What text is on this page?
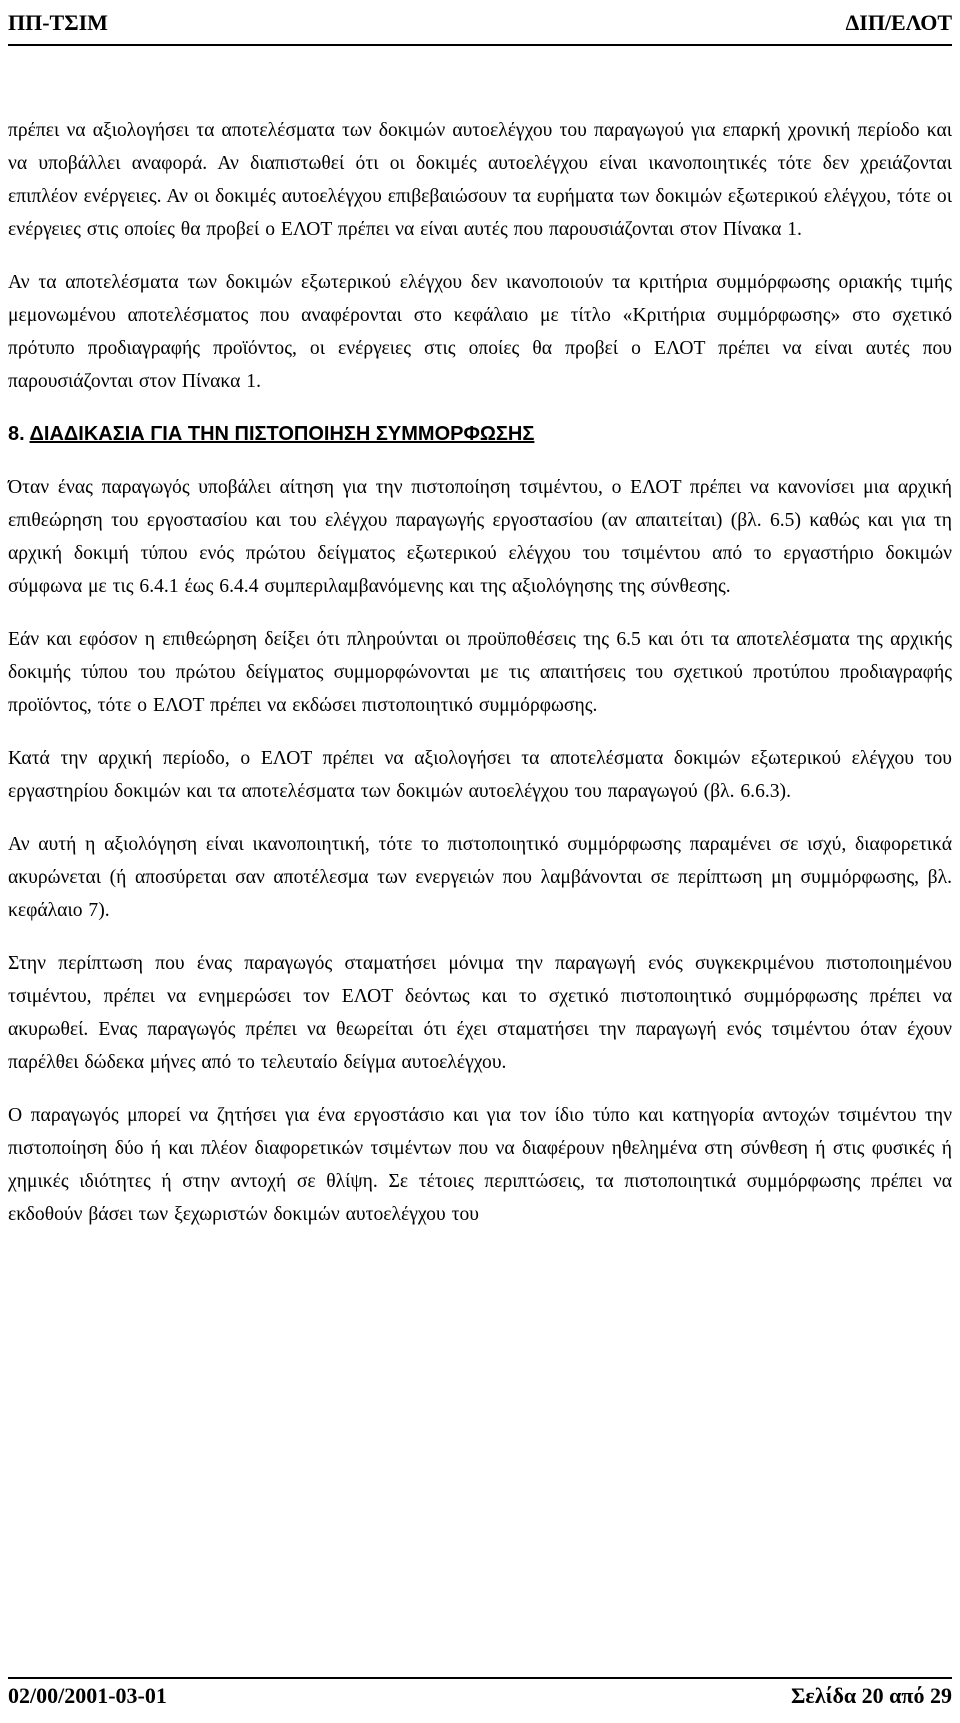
ΠΠ-ΤΣΙΜ	ΔΙΠ/ΕΛΟΤ

πρέπει να αξιολογήσει τα αποτελέσματα των δοκιμών αυτοελέγχου του παραγωγού για επαρκή χρονική περίοδο και να υποβάλλει αναφορά. Αν διαπιστωθεί ότι οι δοκιμές αυτοελέγχου είναι ικανοποιητικές τότε δεν χρειάζονται επιπλέον ενέργειες. Αν οι δοκιμές αυτοελέγχου επιβεβαιώσουν τα ευρήματα των δοκιμών εξωτερικού ελέγχου, τότε οι ενέργειες στις οποίες θα προβεί ο ΕΛΟΤ πρέπει να είναι αυτές που παρουσιάζονται στον Πίνακα 1.

Αν τα αποτελέσματα των δοκιμών εξωτερικού ελέγχου δεν ικανοποιούν τα κριτήρια συμμόρφωσης οριακής τιμής μεμονωμένου αποτελέσματος που αναφέρονται στο κεφάλαιο με τίτλο «Κριτήρια συμμόρφωσης» στο σχετικό πρότυπο προδιαγραφής προϊόντος, οι ενέργειες στις οποίες θα προβεί ο ΕΛΟΤ πρέπει να είναι αυτές που παρουσιάζονται στον Πίνακα 1.

8. ΔΙΑΔΙΚΑΣΙΑ ΓΙΑ ΤΗΝ ΠΙΣΤΟΠΟΙΗΣΗ ΣΥΜΜΟΡΦΩΣΗΣ

Όταν ένας παραγωγός υποβάλει αίτηση για την πιστοποίηση τσιμέντου, ο ΕΛΟΤ πρέπει να κανονίσει μια αρχική επιθεώρηση του εργοστασίου και του ελέγχου παραγωγής εργοστασίου (αν απαιτείται) (βλ. 6.5) καθώς και για τη αρχική δοκιμή τύπου ενός πρώτου δείγματος εξωτερικού ελέγχου του τσιμέντου από το εργαστήριο δοκιμών σύμφωνα με τις 6.4.1 έως 6.4.4 συμπεριλαμβανόμενης και της αξιολόγησης της σύνθεσης.

Εάν και εφόσον η επιθεώρηση δείξει ότι πληρούνται οι προϋποθέσεις της 6.5 και ότι τα αποτελέσματα της αρχικής δοκιμής τύπου του πρώτου δείγματος συμμορφώνονται με τις απαιτήσεις του σχετικού προτύπου προδιαγραφής προϊόντος, τότε ο ΕΛΟΤ πρέπει να εκδώσει πιστοποιητικό συμμόρφωσης.

Κατά την αρχική περίοδο, ο ΕΛΟΤ πρέπει να αξιολογήσει τα αποτελέσματα δοκιμών εξωτερικού ελέγχου του εργαστηρίου δοκιμών και τα αποτελέσματα των δοκιμών αυτοελέγχου του παραγωγού (βλ. 6.6.3).

Αν αυτή η αξιολόγηση είναι ικανοποιητική, τότε το πιστοποιητικό συμμόρφωσης παραμένει σε ισχύ, διαφορετικά ακυρώνεται (ή αποσύρεται σαν αποτέλεσμα των ενεργειών που λαμβάνονται σε περίπτωση μη συμμόρφωσης, βλ. κεφάλαιο 7).

Στην περίπτωση που ένας παραγωγός σταματήσει μόνιμα την παραγωγή ενός συγκεκριμένου πιστοποιημένου τσιμέντου, πρέπει να ενημερώσει τον ΕΛΟΤ δεόντως και το σχετικό πιστοποιητικό συμμόρφωσης πρέπει να ακυρωθεί. Ενας παραγωγός πρέπει να θεωρείται ότι έχει σταματήσει την παραγωγή ενός τσιμέντου όταν έχουν παρέλθει δώδεκα μήνες από το τελευταίο δείγμα αυτοελέγχου.

Ο παραγωγός μπορεί να ζητήσει για ένα εργοστάσιο και για τον ίδιο τύπο και κατηγορία αντοχών τσιμέντου την πιστοποίηση δύο ή και πλέον διαφορετικών τσιμέντων που να διαφέρουν ηθελημένα στη σύνθεση ή στις φυσικές ή χημικές ιδιότητες ή στην αντοχή σε θλίψη. Σε τέτοιες περιπτώσεις, τα πιστοποιητικά συμμόρφωσης πρέπει να εκδοθούν βάσει των ξεχωριστών δοκιμών αυτοελέγχου του

02/00/2001-03-01	Σελίδα 20 από 29
